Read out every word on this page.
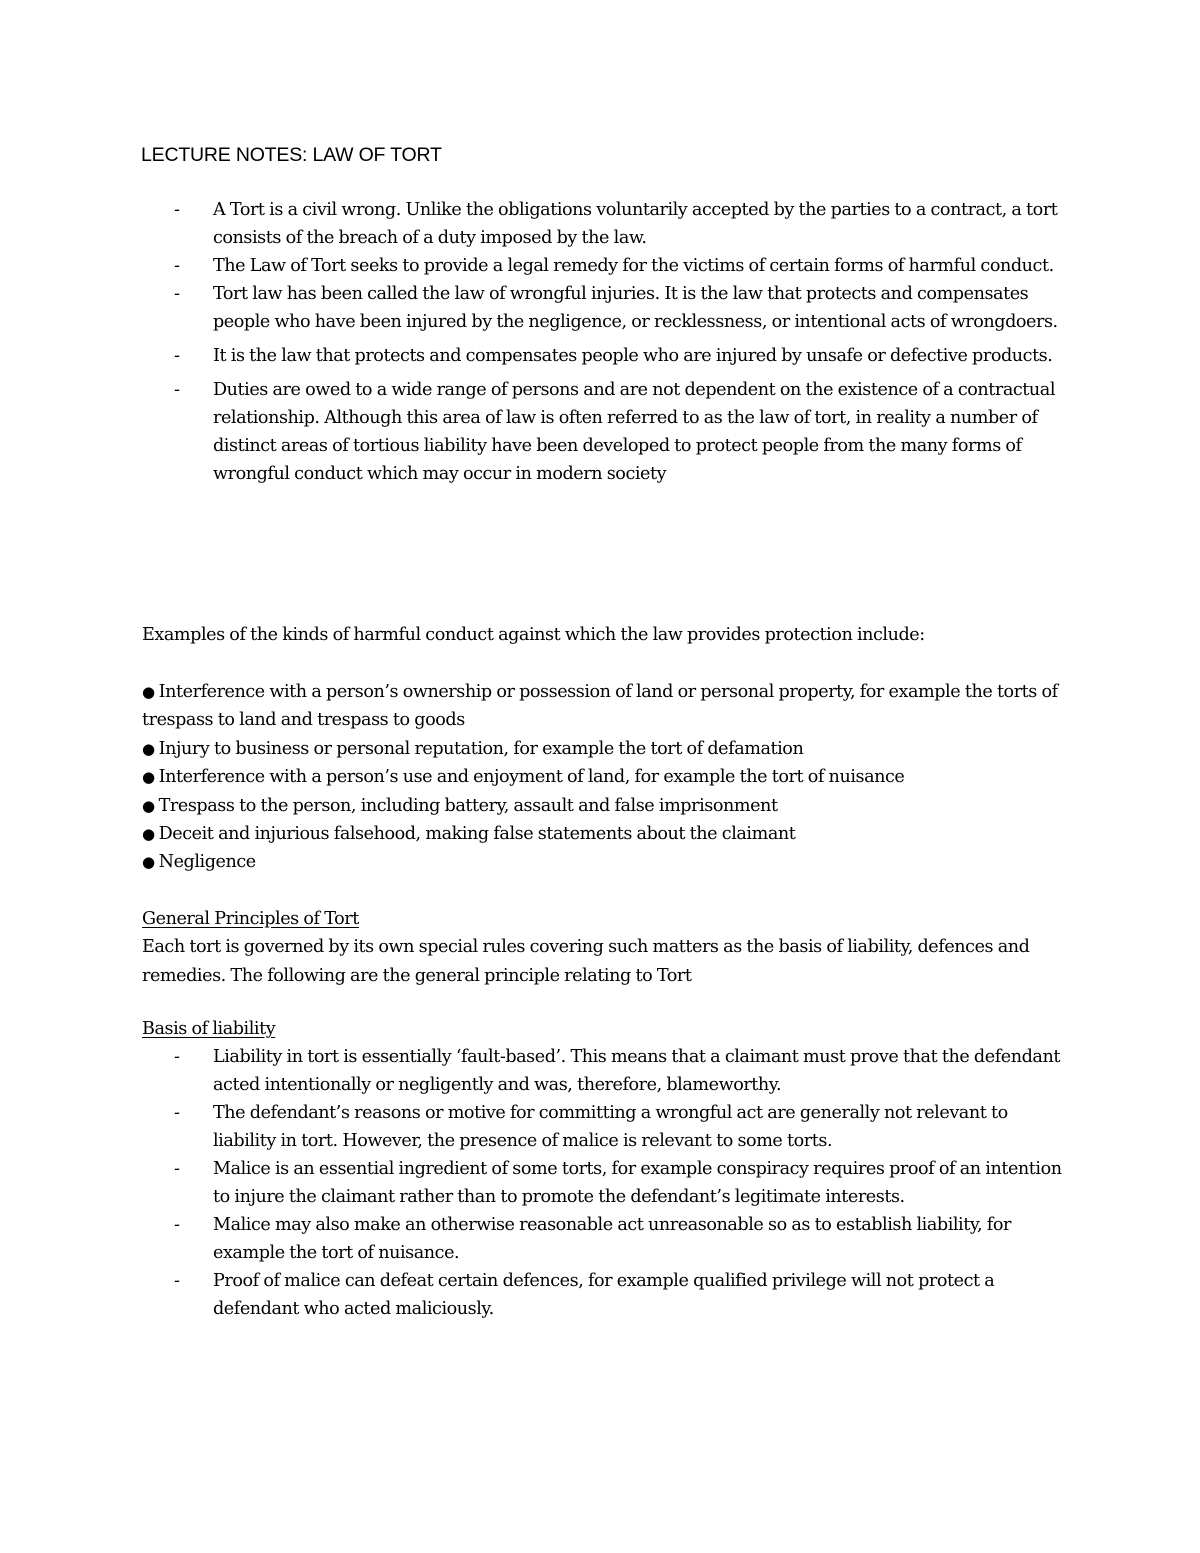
LECTURE NOTES: LAW OF TORT
- A Tort is a civil wrong. Unlike the obligations voluntarily accepted by the parties to a contract, a tort consists of the breach of a duty imposed by the law.
- The Law of Tort seeks to provide a legal remedy for the victims of certain forms of harmful conduct.
- Tort law has been called the law of wrongful injuries. It is the law that protects and compensates people who have been injured by the negligence, or recklessness, or intentional acts of wrongdoers.
- It is the law that protects and compensates people who are injured by unsafe or defective products.
- Duties are owed to a wide range of persons and are not dependent on the existence of a contractual relationship. Although this area of law is often referred to as the law of tort, in reality a number of distinct areas of tortious liability have been developed to protect people from the many forms of wrongful conduct which may occur in modern society

Examples of the kinds of harmful conduct against which the law provides protection include:

● Interference with a person’s ownership or possession of land or personal property, for example the torts of trespass to land and trespass to goods
● Injury to business or personal reputation, for example the tort of defamation
● Interference with a person’s use and enjoyment of land, for example the tort of nuisance
● Trespass to the person, including battery, assault and false imprisonment
● Deceit and injurious falsehood, making false statements about the claimant
● Negligence
General Principles of Tort

Each tort is governed by its own special rules covering such matters as the basis of liability, defences and remedies. The following are the general principle relating to Tort

Basis of liability
- Liability in tort is essentially ‘fault-based’. This means that a claimant must prove that the defendant acted intentionally or negligently and was, therefore, blameworthy.
- The defendant’s reasons or motive for committing a wrongful act are generally not relevant to liability in tort. However, the presence of malice is relevant to some torts.
- Malice is an essential ingredient of some torts, for example conspiracy requires proof of an intention to injure the claimant rather than to promote the defendant’s legitimate interests.
- Malice may also make an otherwise reasonable act unreasonable so as to establish liability, for example the tort of nuisance.
- Proof of malice can defeat certain defences, for example qualified privilege will not protect a defendant who acted maliciously.
